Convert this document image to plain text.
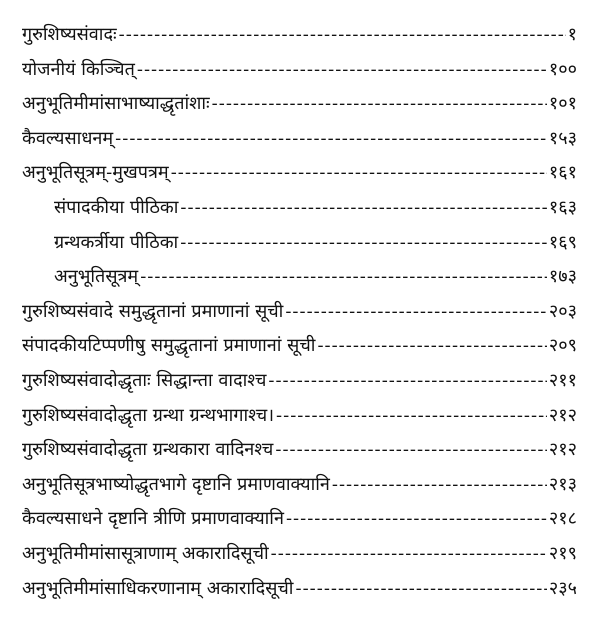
गुरुशिष्यसंवादः -----	१
योजनीयं किञ्चित् -----	१००
अनुभूतिमीमांसाभाष्याद्धृतांशाः -----	१०१
कैवल्यसाधनम् -----	१५३
अनुभूतिसूत्रम्-मुखपत्रम् -----	१६१
संपादकीया पीठिका -----	१६३
ग्रन्थकर्त्रीया पीठिका -----	१६९
अनुभूतिसूत्रम् -----	१७३
गुरुशिष्यसंवादे समुद्धृतानां प्रमाणानां सूची -----	२०३
संपादकीयटिप्पणीषु समुद्धृतानां प्रमाणानां सूची -----	२०९
गुरुशिष्यसंवादोद्धृताः सिद्धान्ता वादाश्च -----	२११
गुरुशिष्यसंवादोद्धृता ग्रन्था ग्रन्थभागाश्च। -----	२१२
गुरुशिष्यसंवादोद्धृता ग्रन्थकारा वादिनश्च -----	२१२
अनुभूतिसूत्रभाष्योद्धृतभागे दृष्टानि प्रमाणवाक्यानि -----	२१३
कैवल्यसाधने दृष्टानि त्रीणि प्रमाणवाक्यानि -----	२१८
अनुभूतिमीमांसासूत्राणाम् अकारादिसूची -----	२१९
अनुभूतिमीमांसाधिकरणानाम् अकारादिसूची -----	२३५
